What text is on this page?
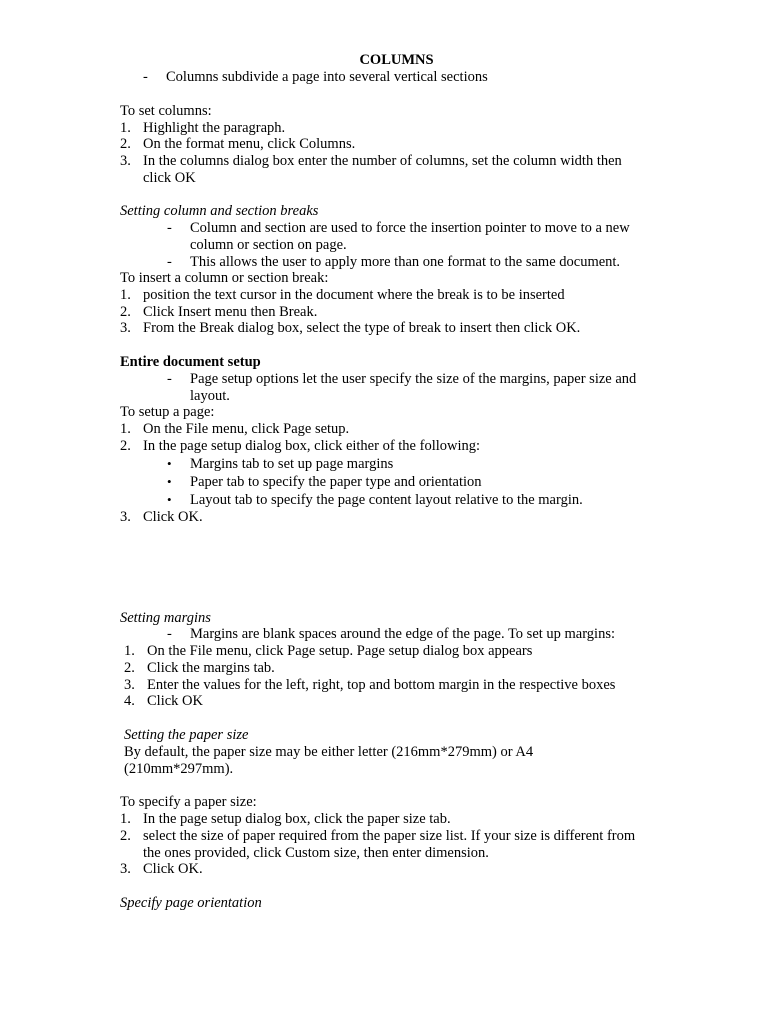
COLUMNS
- Columns subdivide a page into several vertical sections
To set columns:
1. Highlight the paragraph.
2. On the format menu, click Columns.
3. In the columns dialog box enter the number of columns, set the column width then
click OK
Setting column and section breaks
- Column and section are used to force the insertion pointer to move to a new
column or section on page.
- This allows the user to apply more than one format to the same document.
To insert a column or section break:
1. position the text cursor in the document where the break is to be inserted
2. Click Insert menu then Break.
3. From the Break dialog box, select the type of break to insert then click OK.
Entire document setup
- Page setup options let the user specify the size of the margins, paper size and
layout.
To setup a page:
1. On the File menu, click Page setup.
2. In the page setup dialog box, click either of the following:
• Margins tab to set up page margins
• Paper tab to specify the paper type and orientation
• Layout tab to specify the page content layout relative to the margin.
3. Click OK.
Setting margins
- Margins are blank spaces around the edge of the page. To set up margins:
1. On the File menu, click Page setup. Page setup dialog box appears
2. Click the margins tab.
3. Enter the values for the left, right, top and bottom margin in the respective boxes
4. Click OK
Setting the paper size
By default, the paper size may be either letter (216mm*279mm) or A4
(210mm*297mm).
To specify a paper size:
1. In the page setup dialog box, click the paper size tab.
2. select the size of paper required from the paper size list. If your size is different from
the ones provided, click Custom size, then enter dimension.
3. Click OK.
Specify page orientation
